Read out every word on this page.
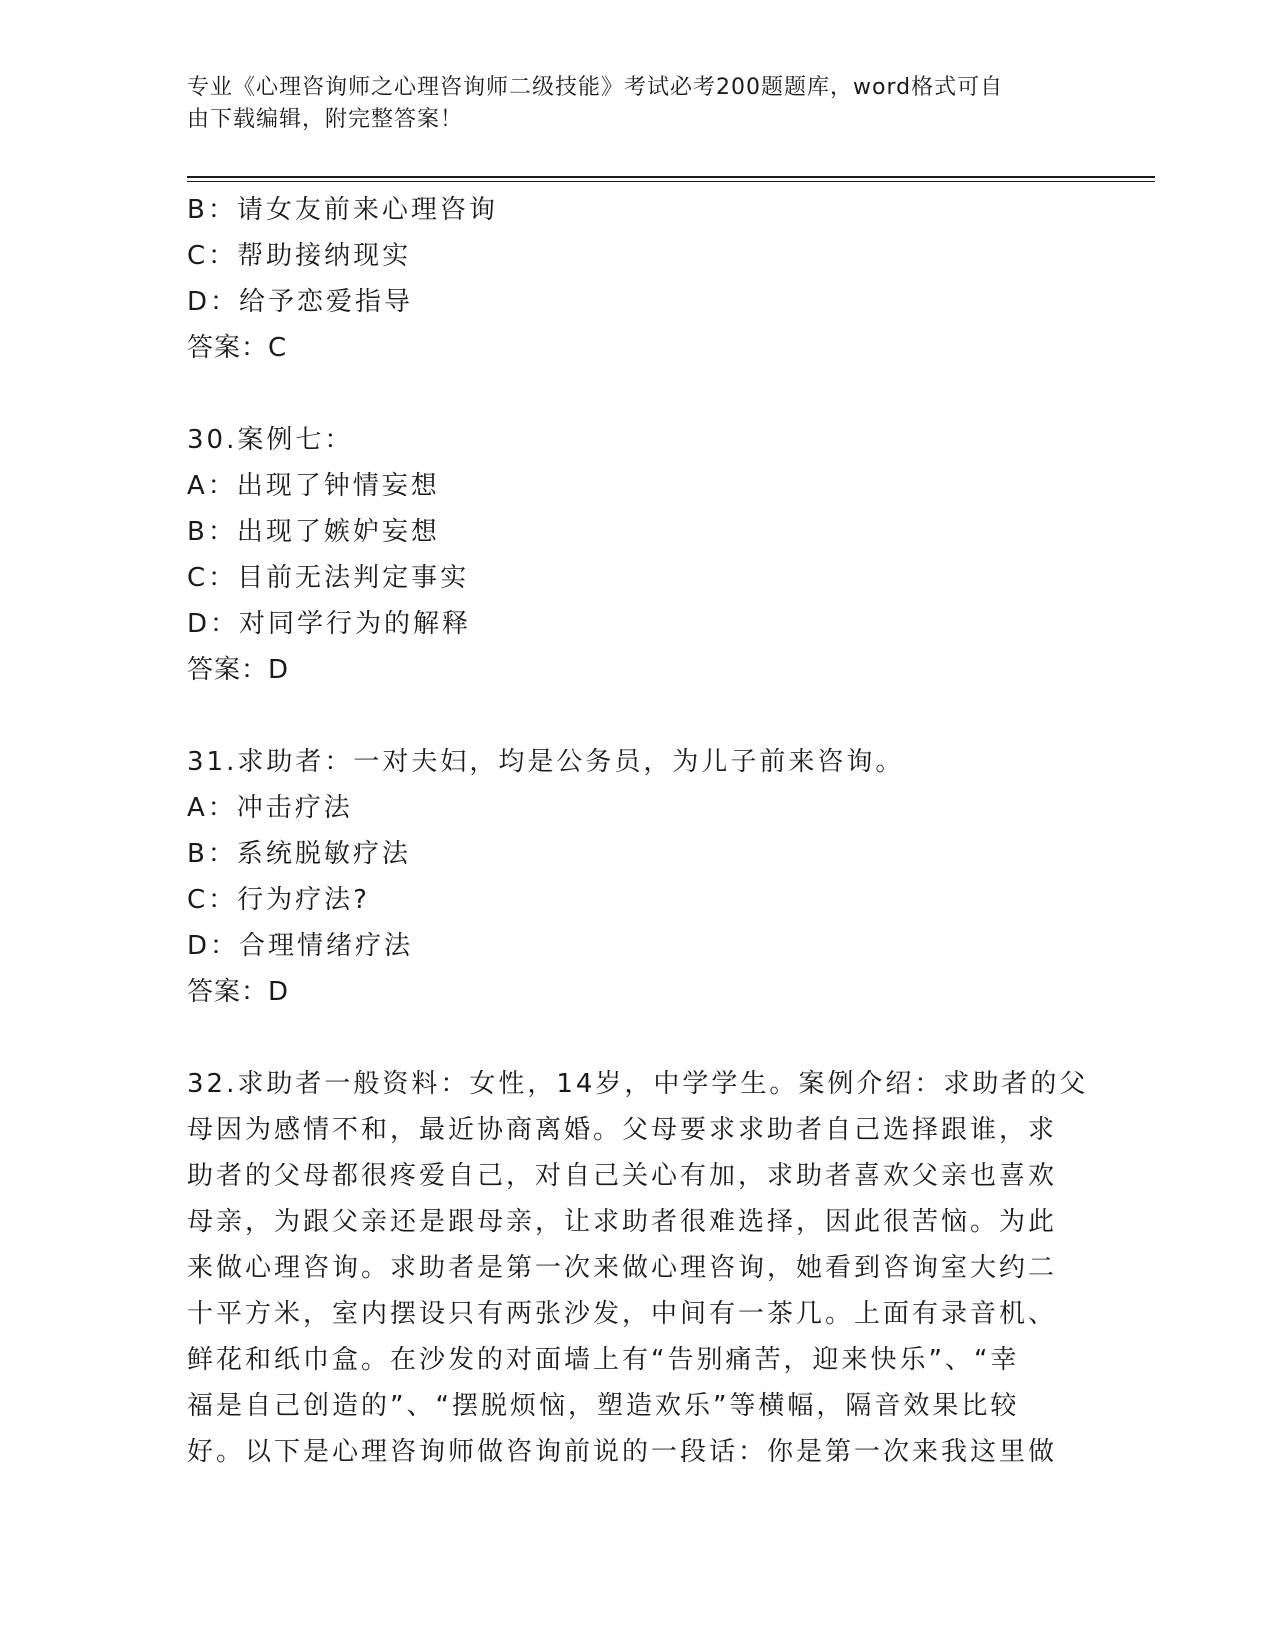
专业《心理咨询师之心理咨询师二级技能》考试必考200题题库，word格式可自
由下载编辑，附完整答案！
B：请女友前来心理咨询
C：帮助接纳现实
D：给予恋爱指导
答案：C
30.案例七：
A：出现了钟情妄想
B：出现了嫉妒妄想
C：目前无法判定事实
D：对同学行为的解释
答案：D
31.求助者：一对夫妇，均是公务员，为儿子前来咨询。
A：冲击疗法
B：系统脱敏疗法
C：行为疗法?
D：合理情绪疗法
答案：D
32.求助者一般资料：女性，14岁，中学学生。案例介绍：求助者的父
母因为感情不和，最近协商离婚。父母要求求助者自己选择跟谁，求
助者的父母都很疼爱自己，对自己关心有加，求助者喜欢父亲也喜欢
母亲，为跟父亲还是跟母亲，让求助者很难选择，因此很苦恼。为此
来做心理咨询。求助者是第一次来做心理咨询，她看到咨询室大约二
十平方米，室内摆设只有两张沙发，中间有一茶几。上面有录音机、
鲜花和纸巾盒。在沙发的对面墙上有“告别痛苦，迎来快乐”、“幸
福是自己创造的”、“摆脱烦恼，塑造欢乐”等横幅，隔音效果比较
好。以下是心理咨询师做咨询前说的一段话：你是第一次来我这里做
